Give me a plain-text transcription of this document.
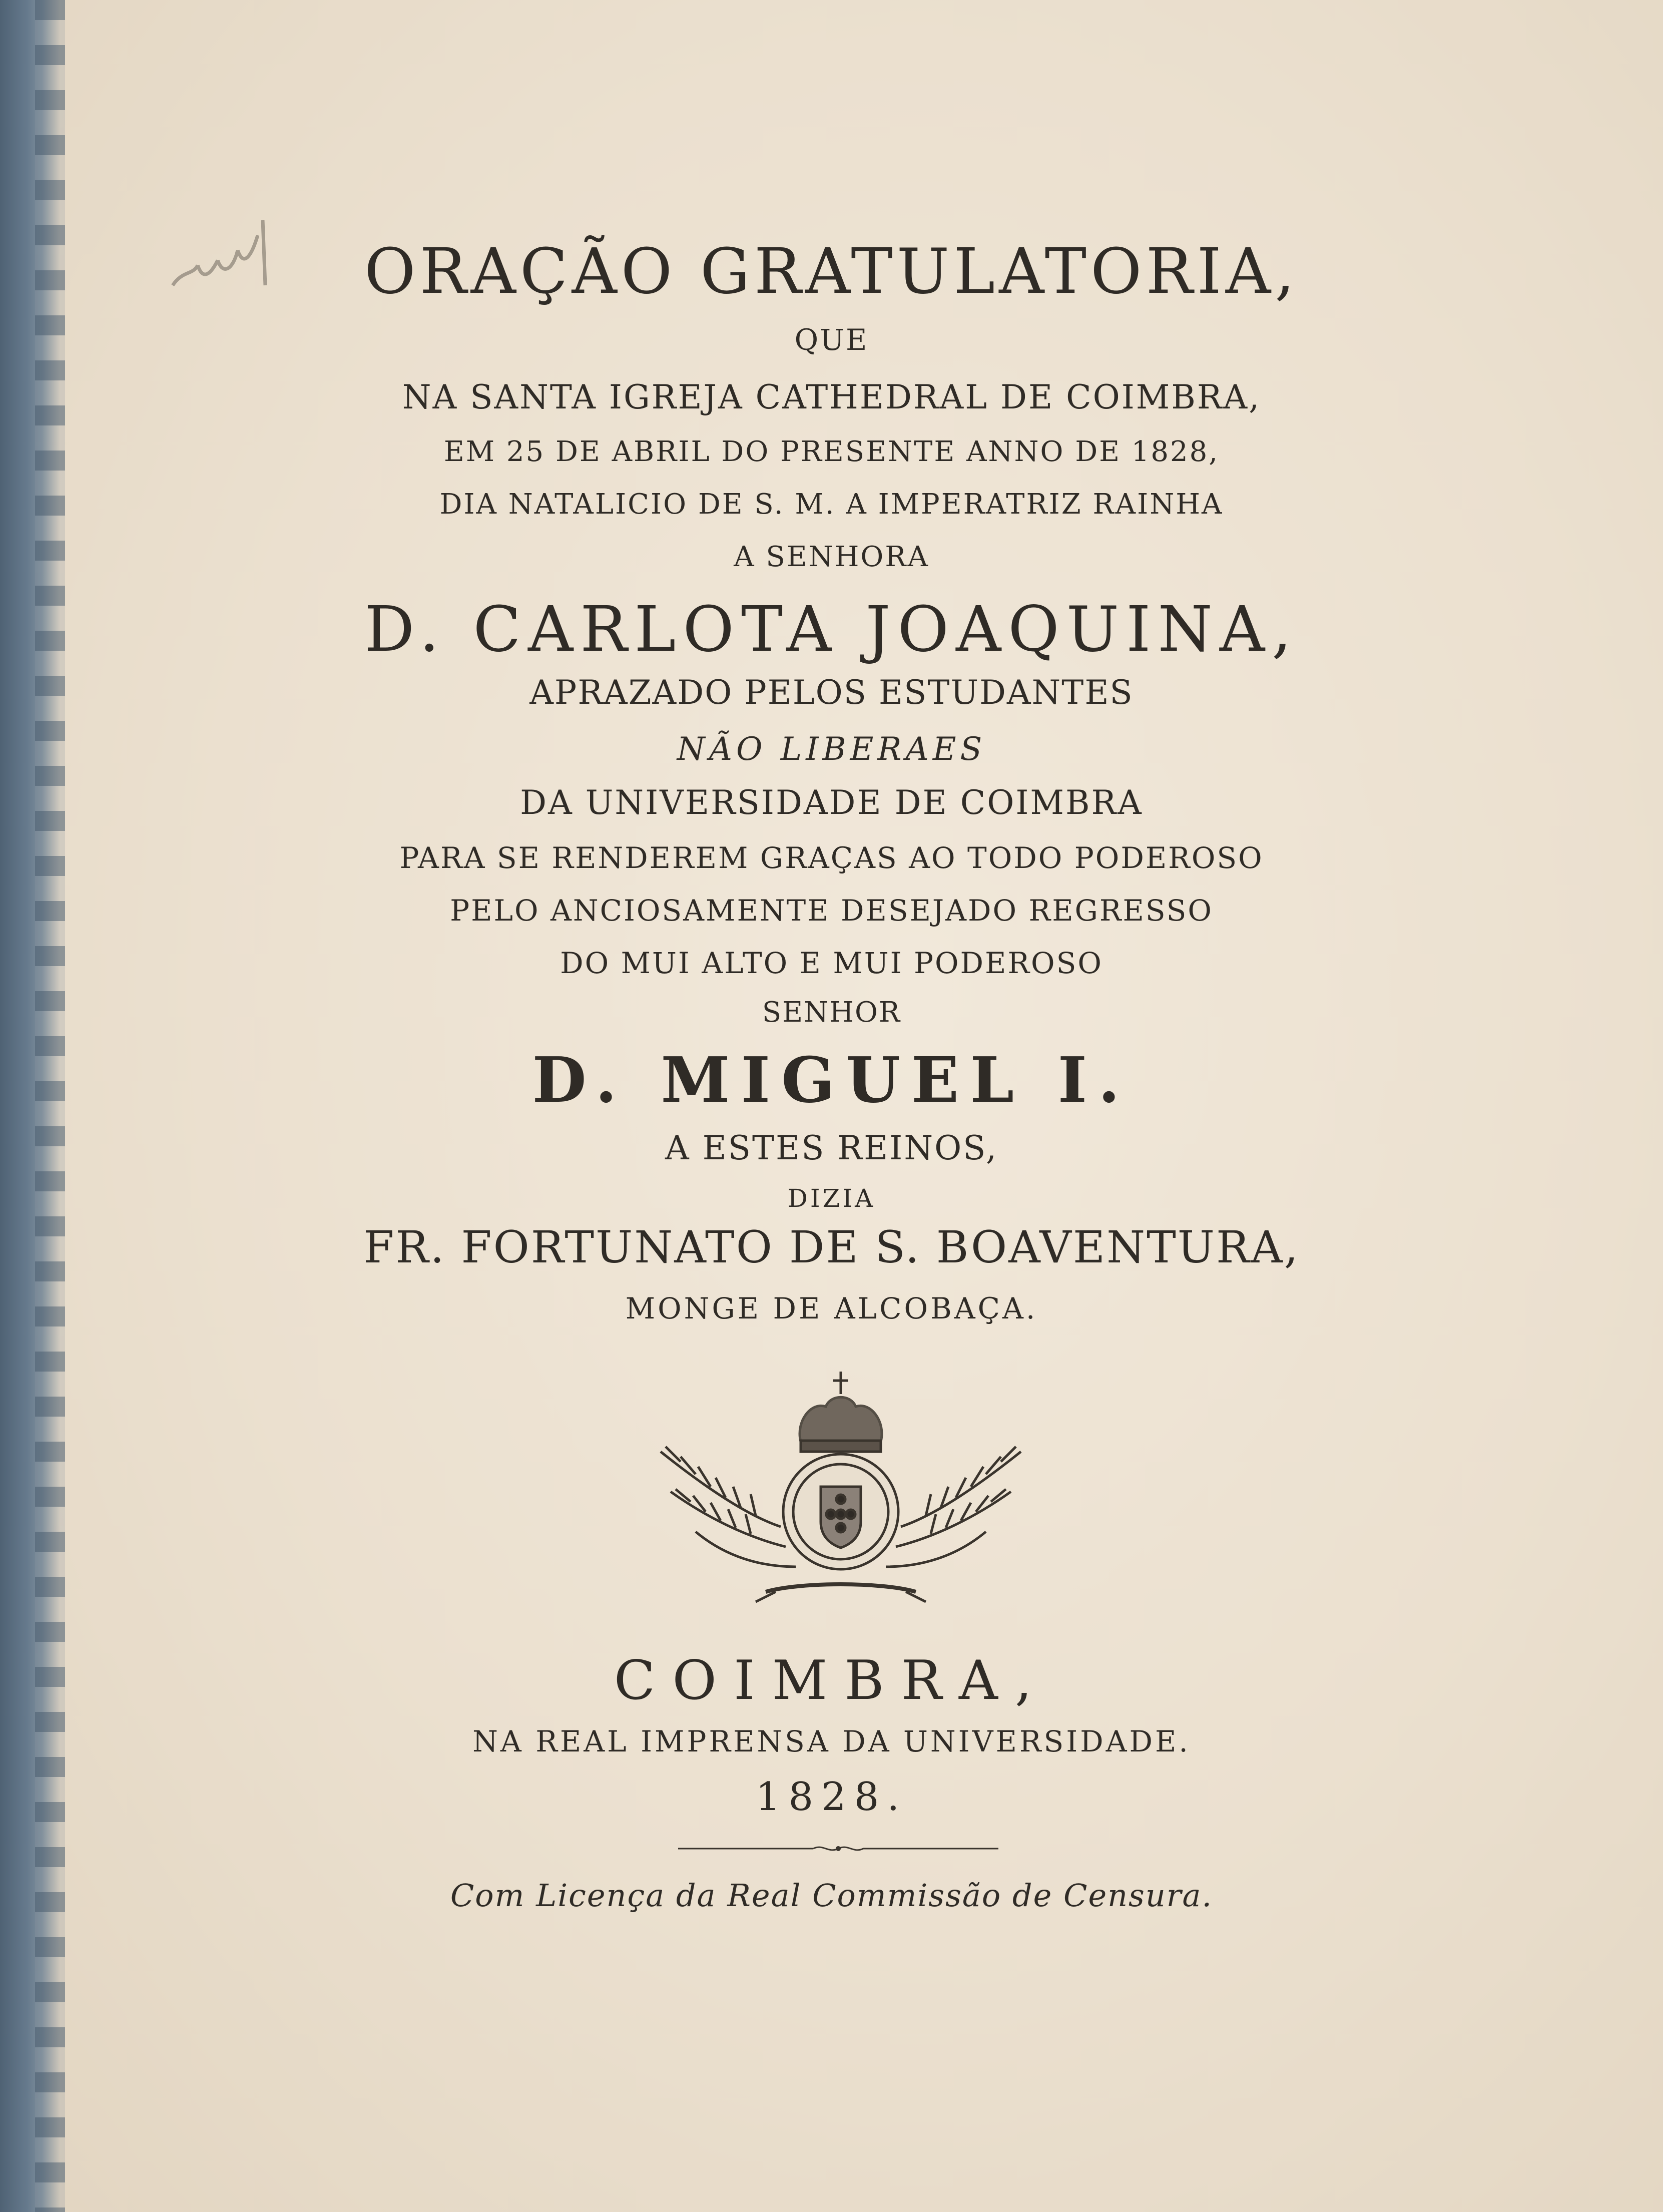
ORAÇÃO GRATULATORIA,
QUE
NA SANTA IGREJA CATHEDRAL DE COIMBRA,
EM 25 DE ABRIL DO PRESENTE ANNO DE 1828,
DIA NATALICIO DE S. M. A IMPERATRIZ RAINHA
A SENHORA
D. CARLOTA JOAQUINA,
APRAZADO PELOS ESTUDANTES
NÃO LIBERAES
DA UNIVERSIDADE DE COIMBRA
PARA SE RENDEREM GRAÇAS AO TODO PODEROSO
PELO ANCIOSAMENTE DESEJADO REGRESSO
DO MUI ALTO E MUI PODEROSO
SENHOR
D. MIGUEL I.
A ESTES REINOS,
DIZIA
FR. FORTUNATO DE S. BOAVENTURA,
MONGE DE ALCOBAÇA.
COIMBRA,
NA REAL IMPRENSA DA UNIVERSIDADE.
1828.
Com Licença da Real Commissão de Censura.
